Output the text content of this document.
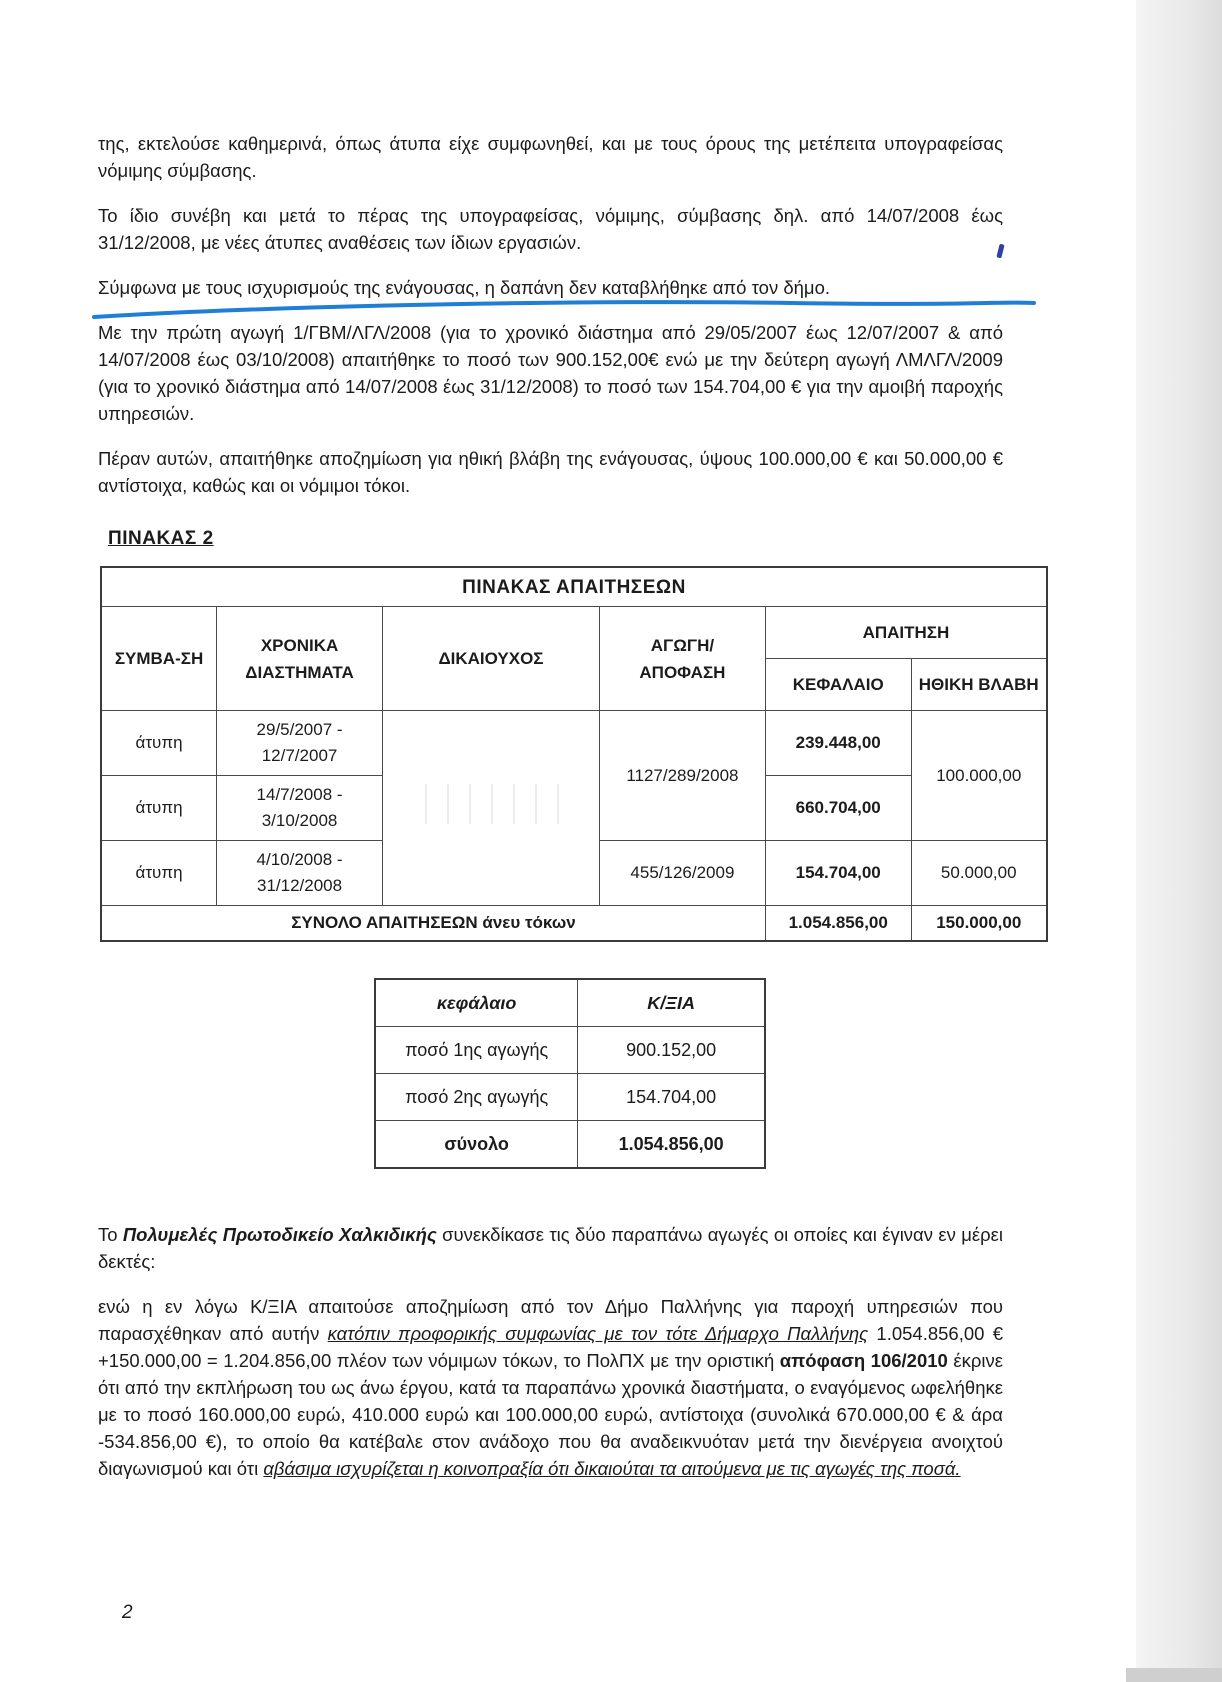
της, εκτελούσε καθημερινά, όπως άτυπα είχε συμφωνηθεί, και με τους όρους της μετέπειτα υπογραφείσας νόμιμης σύμβασης.

Το ίδιο συνέβη και μετά το πέρας της υπογραφείσας, νόμιμης, σύμβασης δηλ. από 14/07/2008 έως 31/12/2008, με νέες άτυπες αναθέσεις των ίδιων εργασιών.

Σύμφωνα με τους ισχυρισμούς της ενάγουσας, η δαπάνη δεν καταβλήθηκε από τον δήμο.

Με την πρώτη αγωγή 1/ΓΒΜ/ΛΓΛ/2008 (για το χρονικό διάστημα από 29/05/2007 έως 12/07/2007 & από 14/07/2008 έως 03/10/2008) απαιτήθηκε το ποσό των 900.152,00€ ενώ με την δεύτερη αγωγή ΛΜΛΓΛ/2009 (για το χρονικό διάστημα από 14/07/2008 έως 31/12/2008) το ποσό των 154.704,00 € για την αμοιβή παροχής υπηρεσιών.

Πέραν αυτών, απαιτήθηκε αποζημίωση για ηθική βλάβη της ενάγουσας, ύψους 100.000,00 € και 50.000,00 € αντίστοιχα, καθώς και οι νόμιμοι τόκοι.

ΠΙΝΑΚΑΣ 2
ΠΙΝΑΚΑΣ ΑΠΑΙΤΗΣΕΩΝ					
ΣΥΜΒΑ-ΣΗ	ΧΡΟΝΙΚΑ ΔΙΑΣΤΗΜΑΤΑ	ΔΙΚΑΙΟΥΧΟΣ	ΑΓΩΓΗ/ ΑΠΟΦΑΣΗ	ΑΠΑΙΤΗΣΗ	
				ΚΕΦΑΛΑΙΟ	ΗΘΙΚΗ ΒΛΑΒΗ
άτυπη	29/5/2007 - 12/7/2007		1127/289/2008	239.448,00	100.000,00
άτυπη	14/7/2008 - 3/10/2008			660.704,00	
άτυπη	4/10/2008 - 31/12/2008		455/126/2009	154.704,00	50.000,00
ΣΥΝΟΛΟ ΑΠΑΙΤΗΣΕΩΝ άνευ τόκων				1.054.856,00	150.000,00
κεφάλαιο	Κ/ΞΙΑ
ποσό 1ης αγωγής	900.152,00
ποσό 2ης αγωγής	154.704,00
σύνολο	1.054.856,00

Το Πολυμελές Πρωτοδικείο Χαλκιδικής συνεκδίκασε τις δύο παραπάνω αγωγές οι οποίες και έγιναν εν μέρει δεκτές:

ενώ η εν λόγω Κ/ΞΙΑ απαιτούσε αποζημίωση από τον Δήμο Παλλήνης για παροχή υπηρεσιών που παρασχέθηκαν από αυτήν κατόπιν προφορικής συμφωνίας με τον τότε Δήμαρχο Παλλήνης 1.054.856,00 € +150.000,00 = 1.204.856,00 πλέον των νόμιμων τόκων, το ΠολΠΧ με την οριστική απόφαση 106/2010 έκρινε ότι από την εκπλήρωση του ως άνω έργου, κατά τα παραπάνω χρονικά διαστήματα, ο εναγόμενος ωφελήθηκε με το ποσό 160.000,00 ευρώ, 410.000 ευρώ και 100.000,00 ευρώ, αντίστοιχα (συνολικά 670.000,00 € & άρα -534.856,00 €), το οποίο θα κατέβαλε στον ανάδοχο που θα αναδεικνυόταν μετά την διενέργεια ανοιχτού διαγωνισμού και ότι αβάσιμα ισχυρίζεται η κοινοπραξία ότι δικαιούται τα αιτούμενα με τις αγωγές της ποσά.

2
